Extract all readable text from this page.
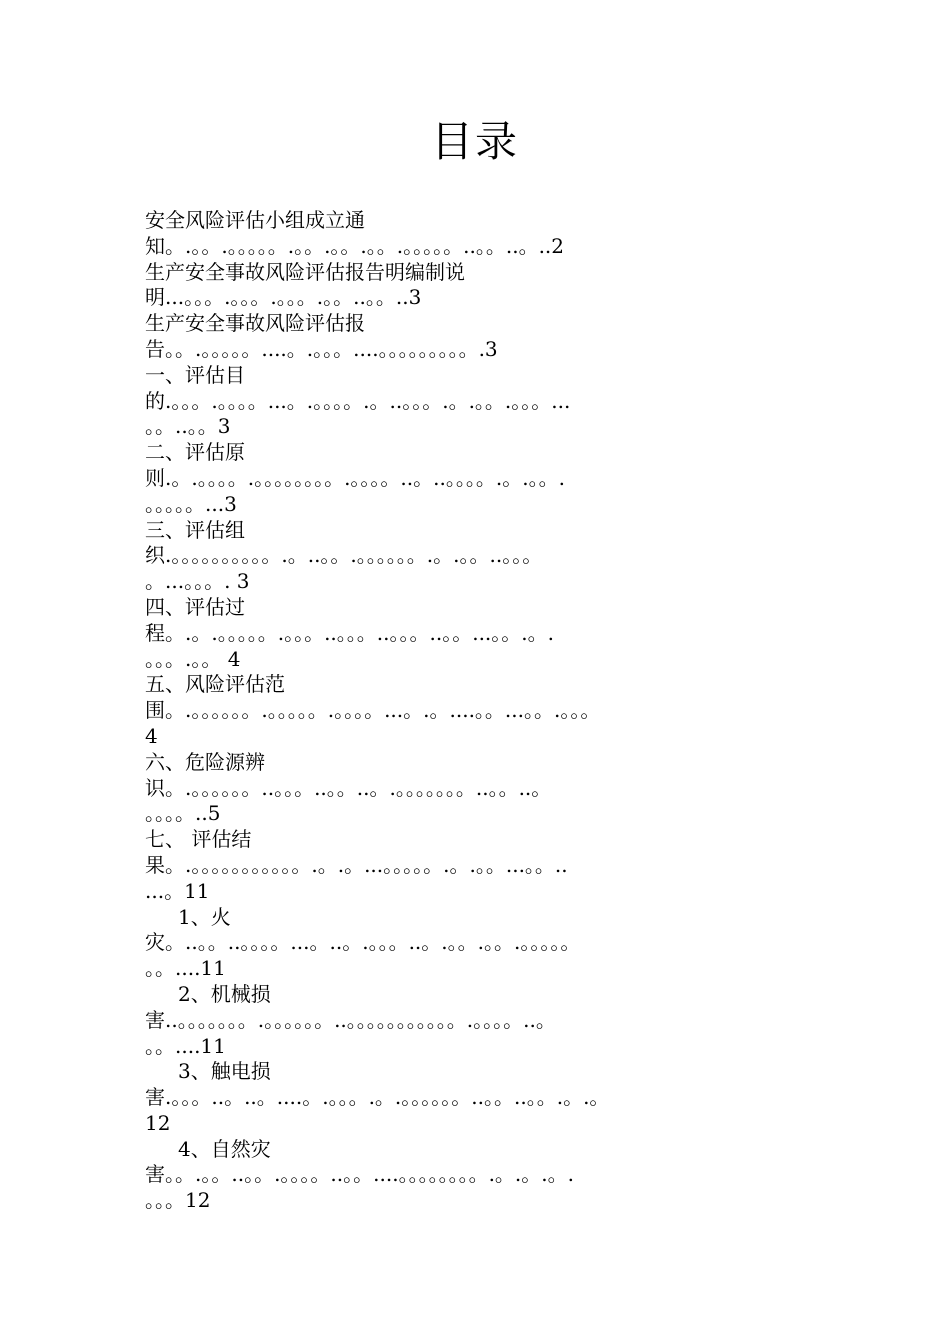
目录
安全风险评估小组成立通
知。.。。.。。。。。.。。.。。.。。.。。。。。..。。..。..2
生产安全事故风险评估报告明编制说
明...。。。.。。。.。。。.。。..。。..3
生产安全事故风险评估报
告。。.。。。。。....。.。。。....。。。。。。。。。.3
一、评估目
的.。。。.。。。。...。.。。。。.。..。。。.。.。。.。。。...
。。..。。3
二、评估原
则.。.。。。。.。。。。。。。。.。。。。..。..。。。。.。.。。.
。。。。。...3
三、评估组
织.。。。。。。。。。。.。..。。.。。。。。。.。.。。..。。。
。...。。。. 3
四、评估过
程。.。.。。。。。.。。。..。。。..。。。..。。...。。.。.
。。。.。。 4
五、风险评估范
围。.。。。。。。.。。。。。.。。。。...。.。....。。...。。.。。。
4
六、危险源辨
识。.。。。。。。..。。。..。。..。.。。。。。。。..。。..。
。。。。..5
七、 评估结
果。.。。。。。。。。。。。.。.。...。。。。。.。.。。...。。..
...。11
1、火
灾。..。。..。。。。...。..。.。。。..。.。。.。。.。。。。。
。。....11
2、机械损
害..。。。。。。。.。。。。。。..。。。。。。。。。。。.。。。。..。
。。....11
3、触电损
害.。。。..。..。....。.。。。.。.。。。。。。..。。..。。.。.。
12
4、自然灾
害。。.。。..。。.。。。。..。。....。。。。。。。。.。.。.。.
。。。12
